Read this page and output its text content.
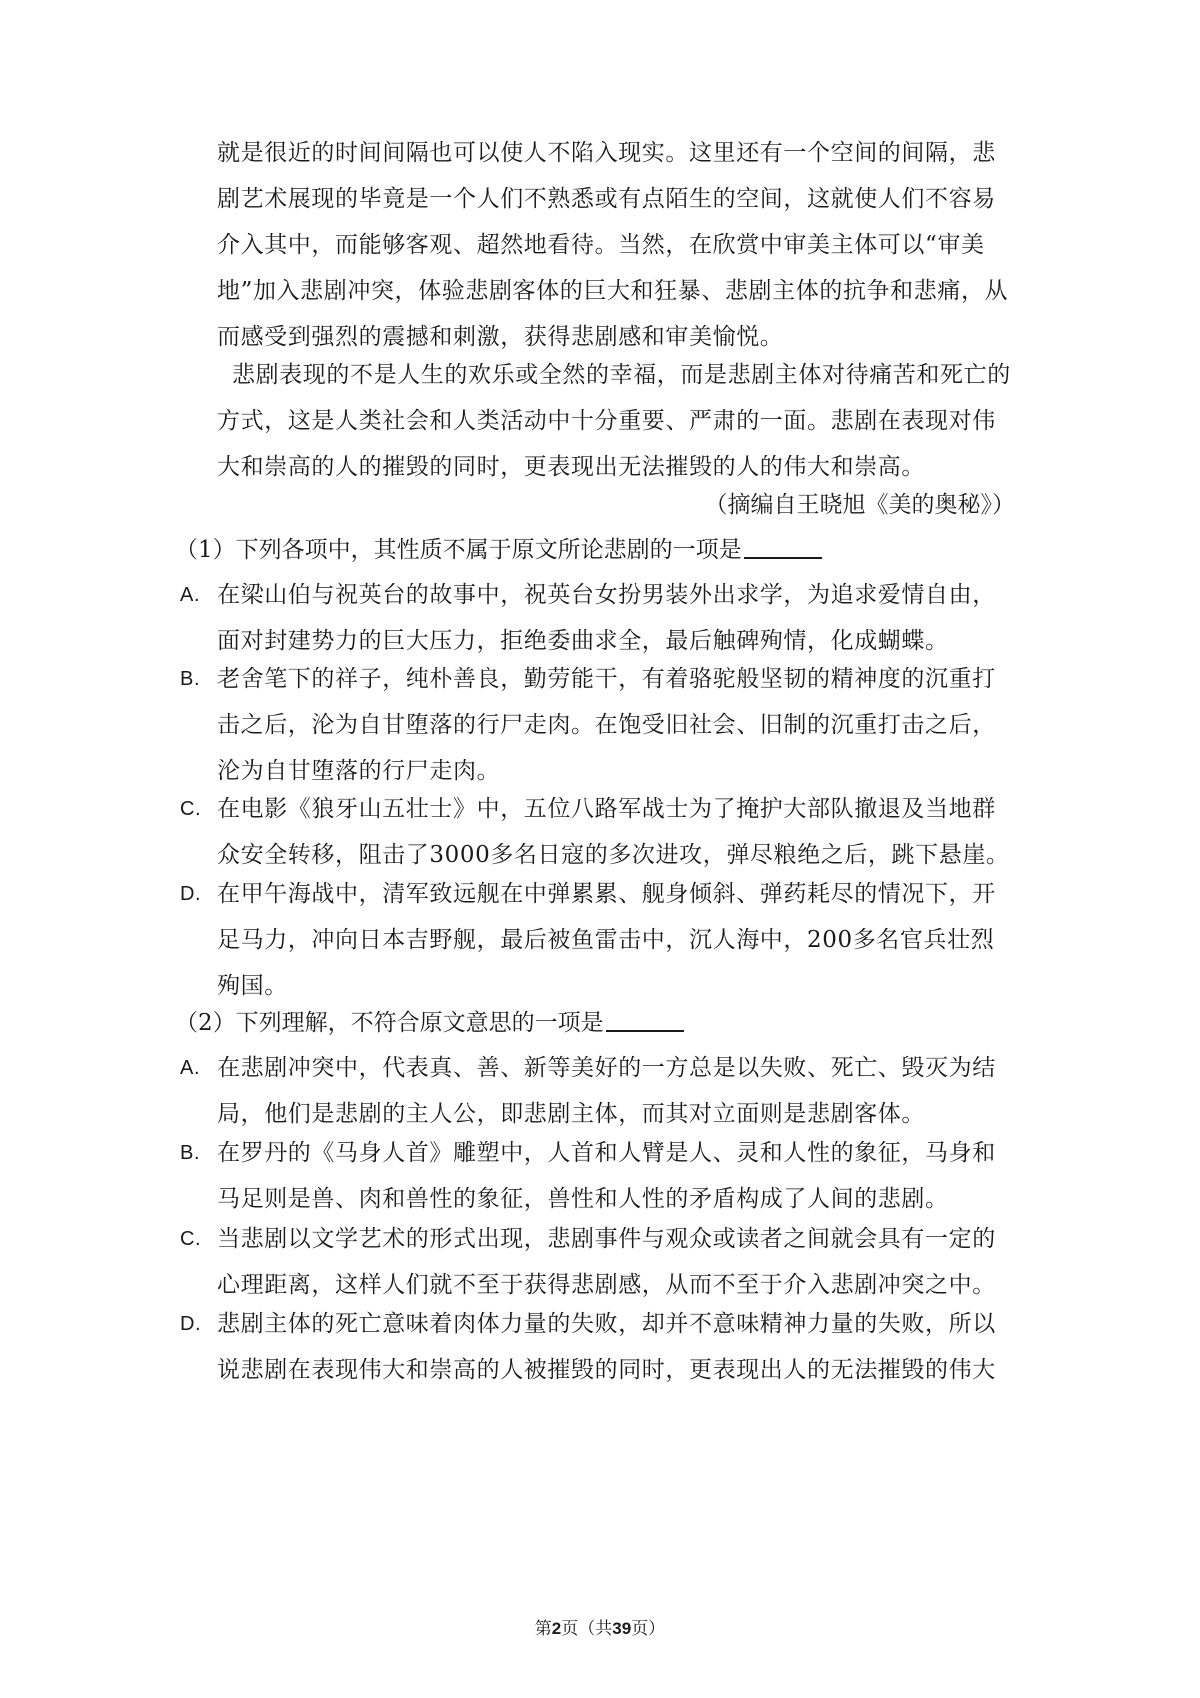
就是很近的时间间隔也可以使人不陷入现实。这里还有一个空间的间隔，悲剧艺术展现的毕竟是一个人们不熟悉或有点陌生的空间，这就使人们不容易介入其中，而能够客观、超然地看待。当然，在欣赏中审美主体可以“审美地”加入悲剧冲突，体验悲剧客体的巨大和狂暴、悲剧主体的抗争和悲痛，从而感受到强烈的震撼和刺激，获得悲剧感和审美愉悦。

悲剧表现的不是人生的欢乐或全然的幸福，而是悲剧主体对待痛苦和死亡的方式，这是人类社会和人类活动中十分重要、严肃的一面。悲剧在表现对伟大和崇高的人的摧毁的同时，更表现出无法摧毁的人的伟大和崇高。

（摘编自王晓旭《美的奥秘》）

（1）下列各项中，其性质不属于原文所论悲剧的一项是

A. 在梁山伯与祝英台的故事中，祝英台女扮男装外出求学，为追求爱情自由，面对封建势力的巨大压力，拒绝委曲求全，最后触碑殉情，化成蝴蝶。
B. 老舍笔下的祥子，纯朴善良，勤劳能干，有着骆驼般坚韧的精神度的沉重打击之后，沦为自甘堕落的行尸走肉。在饱受旧社会、旧制的沉重打击之后，沦为自甘堕落的行尸走肉。
C. 在电影《狼牙山五壮士》中，五位八路军战士为了掩护大部队撤退及当地群众安全转移，阻击了3000多名日寇的多次进攻，弹尽粮绝之后，跳下悬崖。
D. 在甲午海战中，清军致远舰在中弹累累、舰身倾斜、弹药耗尽的情况下，开足马力，冲向日本吉野舰，最后被鱼雷击中，沉人海中，200多名官兵壮烈殉国。

（2）下列理解，不符合原文意思的一项是

A. 在悲剧冲突中，代表真、善、新等美好的一方总是以失败、死亡、毁灭为结局，他们是悲剧的主人公，即悲剧主体，而其对立面则是悲剧客体。
B. 在罗丹的《马身人首》雕塑中，人首和人臂是人、灵和人性的象征，马身和马足则是兽、肉和兽性的象征，兽性和人性的矛盾构成了人间的悲剧。
C. 当悲剧以文学艺术的形式出现，悲剧事件与观众或读者之间就会具有一定的心理距离，这样人们就不至于获得悲剧感，从而不至于介入悲剧冲突之中。
D. 悲剧主体的死亡意味着肉体力量的失败，却并不意味精神力量的失败，所以说悲剧在表现伟大和崇高的人被摧毁的同时，更表现出人的无法摧毁的伟大
第2页（共39页）
